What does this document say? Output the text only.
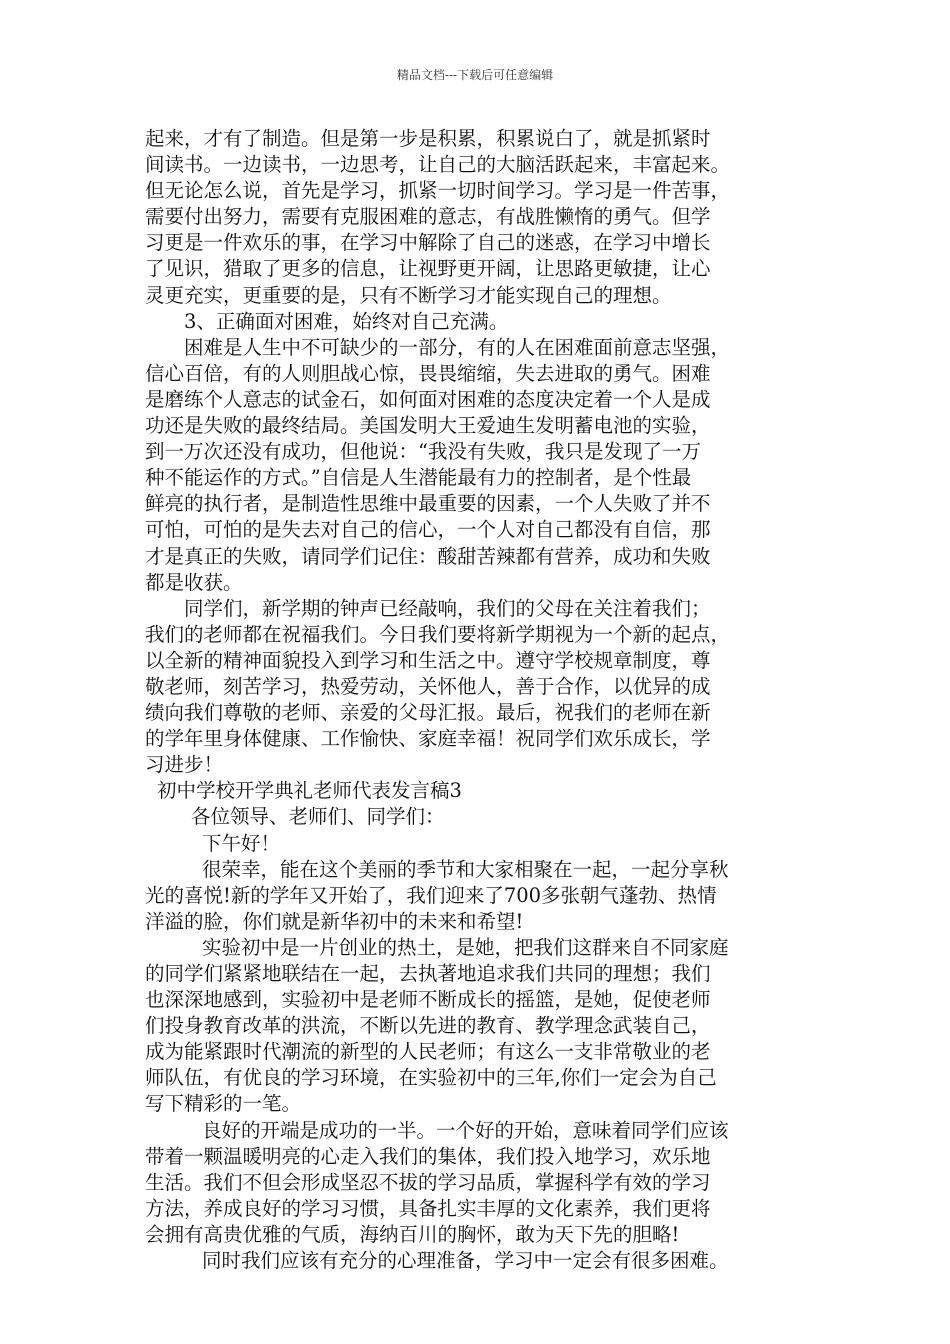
精品文档---下载后可任意编辑
起来，才有了制造。但是第一步是积累，积累说白了，就是抓紧时
间读书。一边读书，一边思考，让自己的大脑活跃起来，丰富起来。
但无论怎么说，首先是学习，抓紧一切时间学习。学习是一件苦事，
需要付出努力，需要有克服困难的意志，有战胜懒惰的勇气。但学
习更是一件欢乐的事，在学习中解除了自己的迷惑，在学习中增长
了见识，猎取了更多的信息，让视野更开阔，让思路更敏捷，让心
灵更充实，更重要的是，只有不断学习才能实现自己的理想。
3、正确面对困难，始终对自己充满。
困难是人生中不可缺少的一部分，有的人在困难面前意志坚强，
信心百倍，有的人则胆战心惊，畏畏缩缩，失去进取的勇气。困难
是磨练个人意志的试金石，如何面对困难的态度决定着一个人是成
功还是失败的最终结局。美国发明大王爱迪生发明蓄电池的实验，
到一万次还没有成功，但他说：“我没有失败，我只是发现了一万
种不能运作的方式。”自信是人生潜能最有力的控制者，是个性最
鲜亮的执行者，是制造性思维中最重要的因素，一个人失败了并不
可怕，可怕的是失去对自己的信心，一个人对自己都没有自信，那
才是真正的失败，请同学们记住：酸甜苦辣都有营养，成功和失败
都是收获。
同学们，新学期的钟声已经敲响，我们的父母在关注着我们；
我们的老师都在祝福我们。今日我们要将新学期视为一个新的起点，
以全新的精神面貌投入到学习和生活之中。遵守学校规章制度，尊
敬老师，刻苦学习，热爱劳动，关怀他人，善于合作，以优异的成
绩向我们尊敬的老师、亲爱的父母汇报。最后，祝我们的老师在新
的学年里身体健康、工作愉快、家庭幸福！祝同学们欢乐成长，学
习进步！
初中学校开学典礼老师代表发言稿3
各位领导、老师们、同学们：
下午好！
很荣幸，能在这个美丽的季节和大家相聚在一起，一起分享秋
光的喜悦!新的学年又开始了，我们迎来了700多张朝气蓬勃、热情
洋溢的脸，你们就是新华初中的未来和希望!
实验初中是一片创业的热土，是她，把我们这群来自不同家庭
的同学们紧紧地联结在一起，去执著地追求我们共同的理想；我们
也深深地感到，实验初中是老师不断成长的摇篮，是她，促使老师
们投身教育改革的洪流，不断以先进的教育、教学理念武装自己，
成为能紧跟时代潮流的新型的人民老师；有这么一支非常敬业的老
师队伍，有优良的学习环境，在实验初中的三年,你们一定会为自己
写下精彩的一笔。
良好的开端是成功的一半。一个好的开始，意味着同学们应该
带着一颗温暖明亮的心走入我们的集体，我们投入地学习，欢乐地
生活。我们不但会形成坚忍不拔的学习品质，掌握科学有效的学习
方法，养成良好的学习习惯，具备扎实丰厚的文化素养，我们更将
会拥有高贵优雅的气质，海纳百川的胸怀，敢为天下先的胆略!
同时我们应该有充分的心理准备，学习中一定会有很多困难。
